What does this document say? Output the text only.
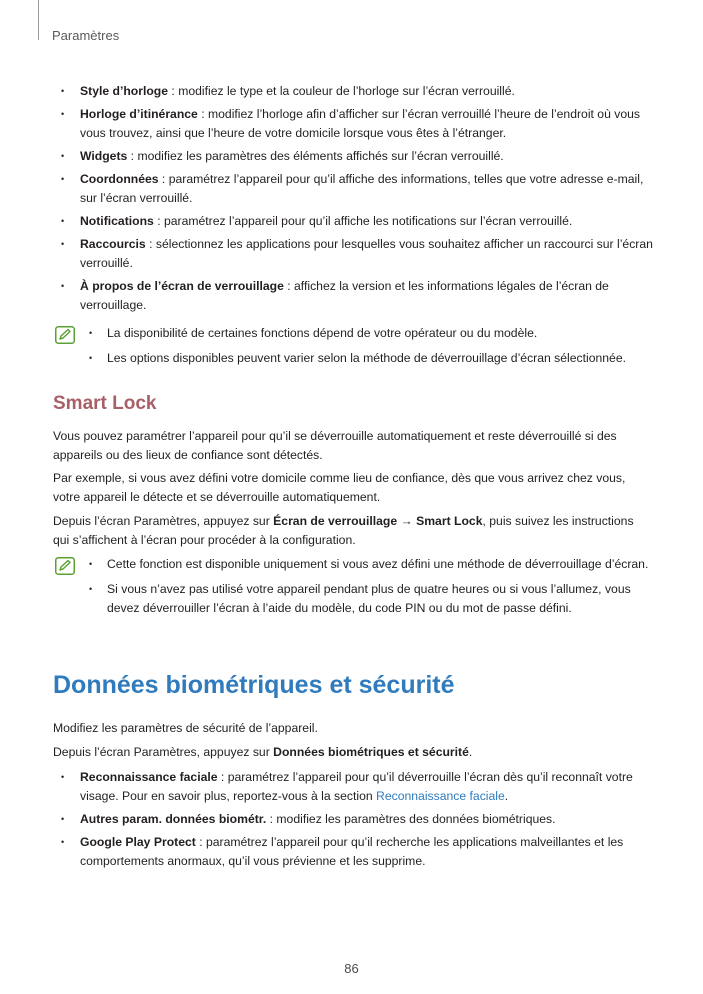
Paramètres
• Style d’horloge : modifiez le type et la couleur de l’horloge sur l’écran verrouillé.
• Horloge d’itinérance : modifiez l’horloge afin d’afficher sur l’écran verrouillé l’heure de l’endroit où vous vous trouvez, ainsi que l’heure de votre domicile lorsque vous êtes à l’étranger.
• Widgets : modifiez les paramètres des éléments affichés sur l’écran verrouillé.
• Coordonnées : paramétrez l’appareil pour qu’il affiche des informations, telles que votre adresse e-mail, sur l’écran verrouillé.
• Notifications : paramétrez l’appareil pour qu’il affiche les notifications sur l’écran verrouillé.
• Raccourcis : sélectionnez les applications pour lesquelles vous souhaitez afficher un raccourci sur l’écran verrouillé.
• À propos de l’écran de verrouillage : affichez la version et les informations légales de l’écran de verrouillage.
• La disponibilité de certaines fonctions dépend de votre opérateur ou du modèle.
• Les options disponibles peuvent varier selon la méthode de déverrouillage d’écran sélectionnée.
Smart Lock

Vous pouvez paramétrer l’appareil pour qu’il se déverrouille automatiquement et reste déverrouillé si des appareils ou des lieux de confiance sont détectés.

Par exemple, si vous avez défini votre domicile comme lieu de confiance, dès que vous arrivez chez vous, votre appareil le détecte et se déverrouille automatiquement.

Depuis l’écran Paramètres, appuyez sur Écran de verrouillage → Smart Lock, puis suivez les instructions qui s’affichent à l’écran pour procéder à la configuration.

• Cette fonction est disponible uniquement si vous avez défini une méthode de déverrouillage d’écran.
• Si vous n’avez pas utilisé votre appareil pendant plus de quatre heures ou si vous l’allumez, vous devez déverrouiller l’écran à l’aide du modèle, du code PIN ou du mot de passe défini.
Données biométriques et sécurité

Modifiez les paramètres de sécurité de l’appareil.

Depuis l’écran Paramètres, appuyez sur Données biométriques et sécurité.

• Reconnaissance faciale : paramétrez l’appareil pour qu’il déverrouille l’écran dès qu’il reconnaît votre visage. Pour en savoir plus, reportez-vous à la section Reconnaissance faciale.
• Autres param. données biométr. : modifiez les paramètres des données biométriques.
• Google Play Protect : paramétrez l’appareil pour qu’il recherche les applications malveillantes et les comportements anormaux, qu’il vous prévienne et les supprime.
86
